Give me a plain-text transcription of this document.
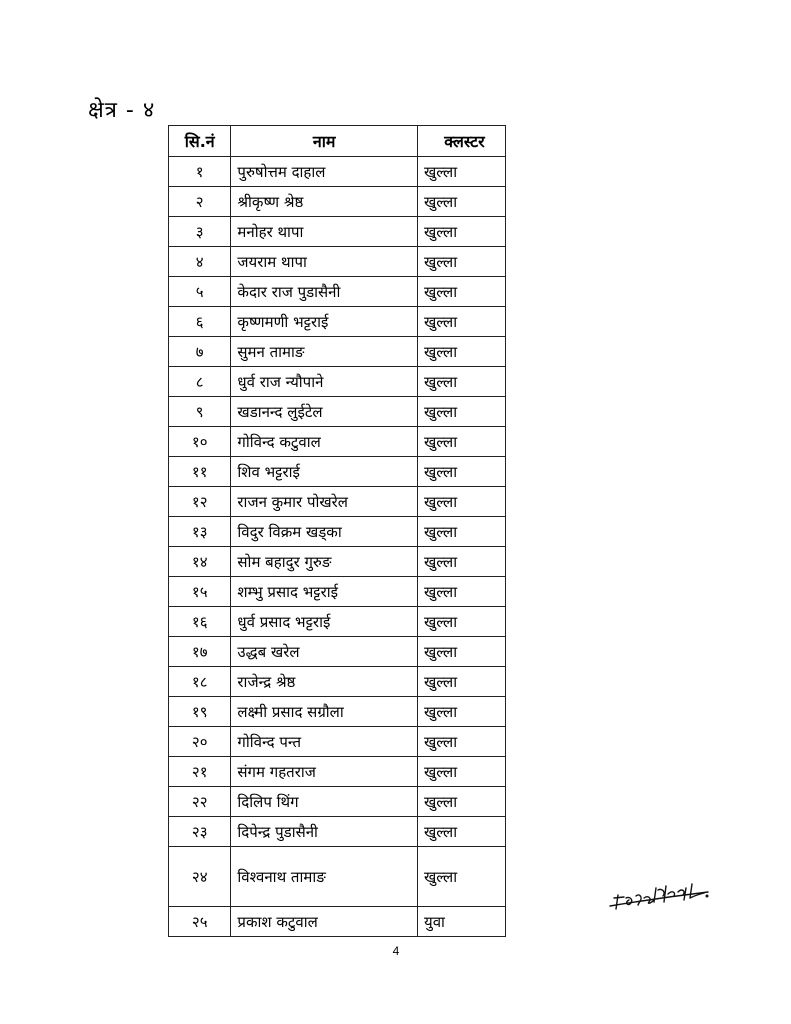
क्षेत्र - ४
सि.नं	नाम	क्लस्टर
१	पुरुषोत्तम दाहाल	खुल्ला
२	श्रीकृष्ण श्रेष्ठ	खुल्ला
३	मनोहर थापा	खुल्ला
४	जयराम थापा	खुल्ला
५	केदार राज पुडासैनी	खुल्ला
६	कृष्णमणी भट्टराई	खुल्ला
७	सुमन तामाङ	खुल्ला
८	धुर्व राज न्यौपाने	खुल्ला
९	खडानन्द लुईटेल	खुल्ला
१०	गोविन्द कटुवाल	खुल्ला
११	शिव भट्टराई	खुल्ला
१२	राजन कुमार पोखरेल	खुल्ला
१३	विदुर विक्रम खड्का	खुल्ला
१४	सोम बहादुर गुरुङ	खुल्ला
१५	शम्भु प्रसाद भट्टराई	खुल्ला
१६	धुर्व प्रसाद भट्टराई	खुल्ला
१७	उद्धब खरेल	खुल्ला
१८	राजेन्द्र श्रेष्ठ	खुल्ला
१९	लक्ष्मी प्रसाद सग्रौला	खुल्ला
२०	गोविन्द पन्त	खुल्ला
२१	संगम गहतराज	खुल्ला
२२	दिलिप थिंग	खुल्ला
२३	दिपेन्द्र पुडासैनी	खुल्ला
२४	विश्वनाथ तामाङ	खुल्ला
२५	प्रकाश कटुवाल	युवा
4
